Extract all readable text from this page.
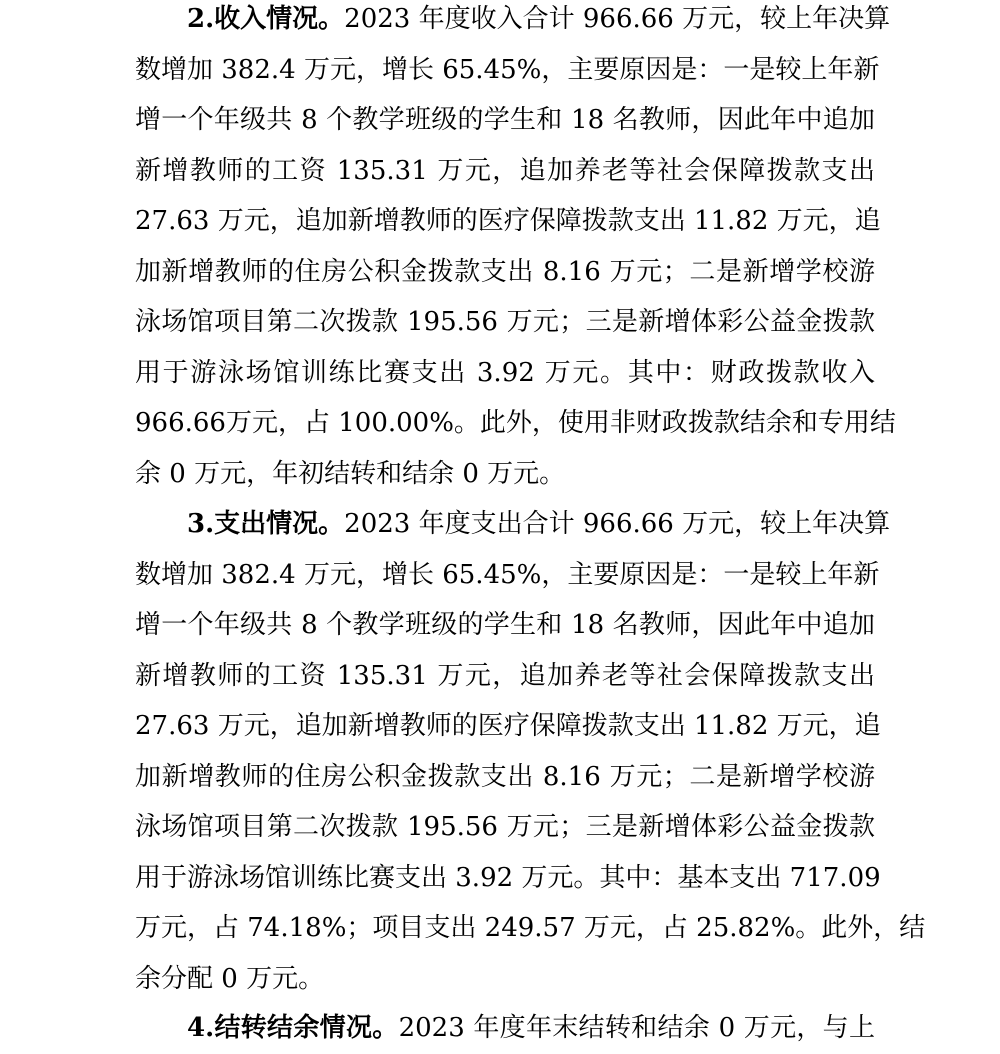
2.收入情况。2023 年度收入合计 966.66 万元，较上年决算
数增加 382.4 万元，增长 65.45%，主要原因是：一是较上年新
增一个年级共 8 个教学班级的学生和 18 名教师，因此年中追加
新增教师的工资 135.31 万元，追加养老等社会保障拨款支出
27.63 万元，追加新增教师的医疗保障拨款支出 11.82 万元，追
加新增教师的住房公积金拨款支出 8.16 万元；二是新增学校游
泳场馆项目第二次拨款 195.56 万元；三是新增体彩公益金拨款
用于游泳场馆训练比赛支出 3.92 万元。其中：财政拨款收入
966.66万元，占 100.00%。此外，使用非财政拨款结余和专用结
余 0 万元，年初结转和结余 0 万元。
3.支出情况。2023 年度支出合计 966.66 万元，较上年决算
数增加 382.4 万元，增长 65.45%，主要原因是：一是较上年新
增一个年级共 8 个教学班级的学生和 18 名教师，因此年中追加
新增教师的工资 135.31 万元，追加养老等社会保障拨款支出
27.63 万元，追加新增教师的医疗保障拨款支出 11.82 万元，追
加新增教师的住房公积金拨款支出 8.16 万元；二是新增学校游
泳场馆项目第二次拨款 195.56 万元；三是新增体彩公益金拨款
用于游泳场馆训练比赛支出 3.92 万元。其中：基本支出 717.09
万元，占 74.18%；项目支出 249.57 万元，占 25.82%。此外，结
余分配 0 万元。
4.结转结余情况。2023 年度年末结转和结余 0 万元，与上
